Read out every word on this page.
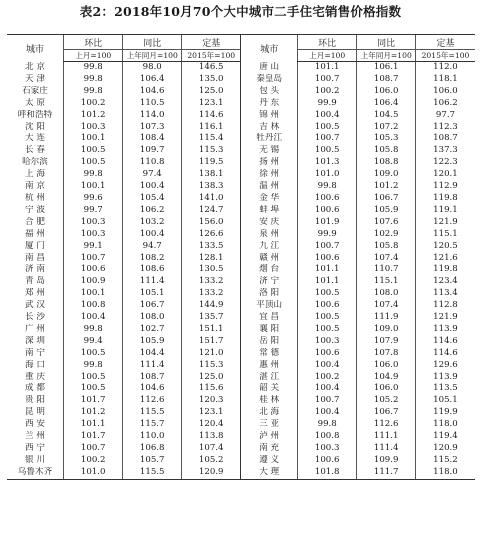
表2：2018年10月70个大中城市二手住宅销售价格指数
城市	环比	同比	定基	城市	环比	同比	定基
	上月=100	上年同月=100	2015年=100		上月=100	上年同月=100	2015年=100
北 京	99.8	98.0	146.5	唐 山	101.1	106.1	112.0
天 津	99.8	106.4	135.0	秦皇岛	100.7	108.7	118.1
石家庄	99.8	104.6	125.0	包 头	100.2	106.0	106.0
太 原	100.2	110.5	123.1	丹 东	99.9	106.4	106.2
呼和浩特	101.2	114.0	114.6	锦 州	100.4	104.5	97.7
沈 阳	100.3	107.3	116.1	吉 林	100.5	107.2	112.3
大 连	100.1	108.4	115.4	牡丹江	100.7	105.3	108.7
长 春	100.5	109.7	115.3	无 锡	100.5	105.8	137.3
哈尔滨	100.5	110.8	119.5	扬 州	101.3	108.8	122.3
上 海	99.8	97.4	138.1	徐 州	101.0	109.0	120.1
南 京	100.1	100.4	138.3	温 州	99.8	101.2	112.9
杭 州	99.6	105.4	141.0	金 华	100.6	106.7	119.8
宁 波	99.7	106.2	124.7	蚌 埠	100.6	105.9	119.1
合 肥	100.3	103.2	156.0	安 庆	101.9	107.6	121.9
福 州	100.3	100.4	126.6	泉 州	99.9	102.9	115.1
厦 门	99.1	94.7	133.5	九 江	100.7	105.8	120.5
南 昌	100.7	108.2	128.1	赣 州	100.6	107.4	121.6
济 南	100.6	108.6	130.5	烟 台	101.1	110.7	119.8
青 岛	100.9	111.4	133.2	济 宁	101.1	115.1	123.4
郑 州	100.1	105.1	133.2	洛 阳	100.5	108.0	113.4
武 汉	100.8	106.7	144.9	平顶山	100.6	107.4	112.8
长 沙	100.4	108.0	135.7	宜 昌	100.5	111.9	121.9
广 州	99.8	102.7	151.1	襄 阳	100.5	109.0	113.9
深 圳	99.4	105.9	151.7	岳 阳	100.3	107.9	114.6
南 宁	100.5	104.4	121.0	常 德	100.6	107.8	114.6
海 口	99.8	111.4	115.3	惠 州	100.4	106.0	129.6
重 庆	100.5	108.7	125.0	湛 江	100.2	104.9	113.9
成 都	100.5	104.6	115.6	韶 关	100.4	106.0	113.5
贵 阳	101.7	112.6	120.3	桂 林	100.7	105.2	105.1
昆 明	101.2	115.5	123.1	北 海	100.4	106.7	119.9
西 安	101.1	115.7	120.4	三 亚	99.8	112.6	118.0
兰 州	101.7	110.0	113.8	泸 州	100.8	111.1	119.4
西 宁	100.7	106.8	107.4	南 充	100.3	111.4	120.9
银 川	100.2	105.7	105.2	遵 义	100.6	109.9	115.2
乌鲁木齐	101.0	115.5	120.9	大 理	101.8	111.7	118.0
